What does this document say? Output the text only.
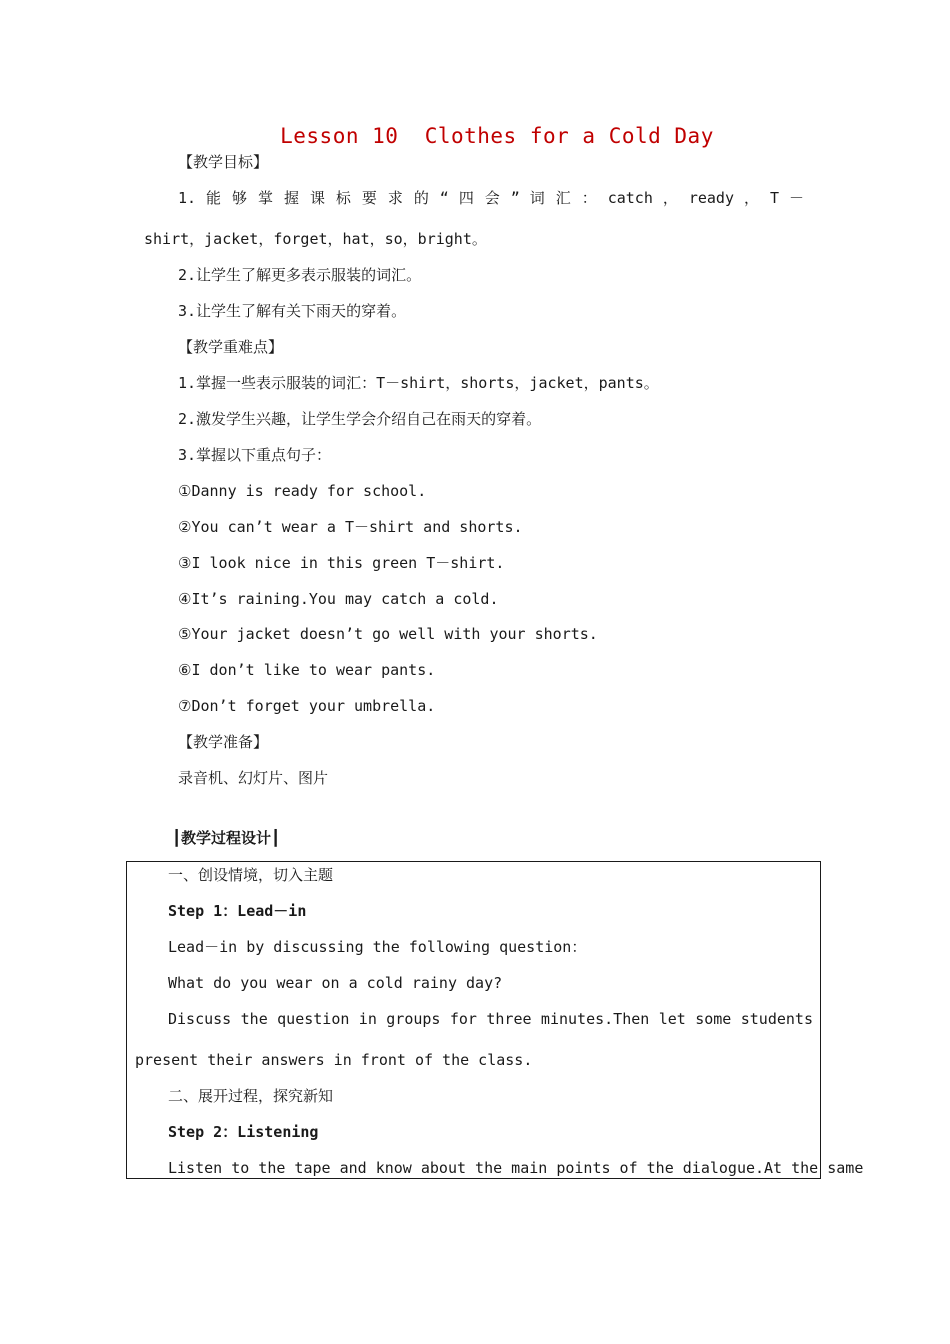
Lesson 10  Clothes for a Cold Day
【教学目标】
1. 能 够 掌 握 课 标 要 求 的 “ 四 会 ” 词 汇 ： catch ， ready ， T －
shirt，jacket，forget，hat，so，bright。
2.让学生了解更多表示服装的词汇。
3.让学生了解有关下雨天的穿着。
【教学重难点】
1.掌握一些表示服装的词汇：T－shirt，shorts，jacket，pants。
2.激发学生兴趣，让学生学会介绍自己在雨天的穿着。
3.掌握以下重点句子：
①Danny is ready for school.
②You can’t wear a T－shirt and shorts.
③I look nice in this green T－shirt.
④It’s raining.You may catch a cold.
⑤Your jacket doesn’t go well with your shorts.
⑥I don’t like to wear pants.
⑦Don’t forget your umbrella.
【教学准备】
录音机、幻灯片、图片
┃教学过程设计┃
一、创设情境，切入主题
Step 1：Lead－in
Lead－in by discussing the following question：
What do you wear on a cold rainy day?
Discuss the question in groups for three minutes.Then let some students
present their answers in front of the class.
二、展开过程，探究新知
Step 2：Listening
Listen to the tape and know about the main points of the dialogue.At the same
